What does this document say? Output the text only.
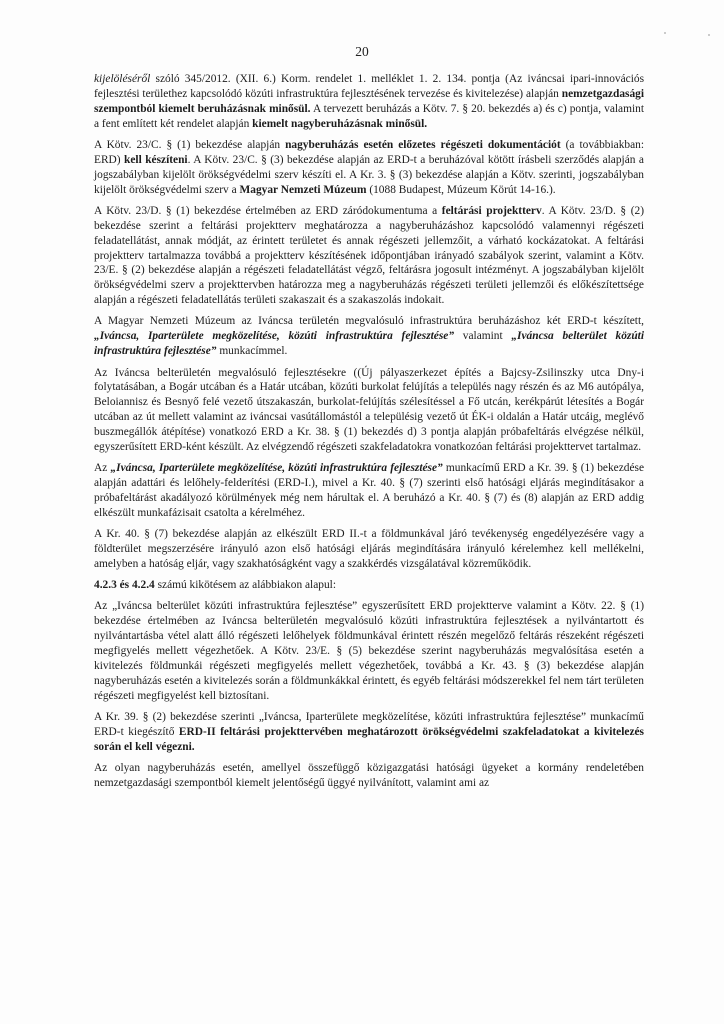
20

kijelöléséről szóló 345/2012. (XII. 6.) Korm. rendelet 1. melléklet 1. 2. 134. pontja (Az iváncsai ipari-innovációs fejlesztési területhez kapcsolódó közúti infrastruktúra fejlesztésének tervezése és kivitelezése) alapján nemzetgazdasági szempontból kiemelt beruházásnak minősül. A tervezett beruházás a Kötv. 7. § 20. bekezdés a) és c) pontja, valamint a fent említett két rendelet alapján kiemelt nagyberuházásnak minősül.

A Kötv. 23/C. § (1) bekezdése alapján nagyberuházás esetén előzetes régészeti dokumentációt (a továbbiakban: ERD) kell készíteni. A Kötv. 23/C. § (3) bekezdése alapján az ERD-t a beruházóval kötött írásbeli szerződés alapján a jogszabályban kijelölt örökségvédelmi szerv készíti el. A Kr. 3. § (3) bekezdése alapján a Kötv. szerinti, jogszabályban kijelölt örökségvédelmi szerv a Magyar Nemzeti Múzeum (1088 Budapest, Múzeum Körút 14-16.).

A Kötv. 23/D. § (1) bekezdése értelmében az ERD záródokumentuma a feltárási projektterv. A Kötv. 23/D. § (2) bekezdése szerint a feltárási projektterv meghatározza a nagyberuházáshoz kapcsolódó valamennyi régészeti feladatellátást, annak módját, az érintett területet és annak régészeti jellemzőit, a várható kockázatokat. A feltárási projektterv tartalmazza továbbá a projektterv készítésének időpontjában irányadó szabályok szerint, valamint a Kötv. 23/E. § (2) bekezdése alapján a régészeti feladatellátást végző, feltárásra jogosult intézményt. A jogszabályban kijelölt örökségvédelmi szerv a projekttervben határozza meg a nagyberuházás régészeti területi jellemzői és előkészítettsége alapján a régészeti feladatellátás területi szakaszait és a szakaszolás indokait.

A Magyar Nemzeti Múzeum az Iváncsa területén megvalósuló infrastruktúra beruházáshoz két ERD-t készített, „Iváncsa, Iparterülete megközelítése, közúti infrastruktúra fejlesztése” valamint „Iváncsa belterület közúti infrastruktúra fejlesztése” munkacímmel.

Az Iváncsa belterületén megvalósuló fejlesztésekre ((Új pályaszerkezet építés a Bajcsy-Zsilinszky utca Dny-i folytatásában, a Bogár utcában és a Határ utcában, közúti burkolat felújítás a település nagy részén és az M6 autópálya, Beloiannisz és Besnyő felé vezető útszakaszán, burkolat-felújítás szélesítéssel a Fő utcán, kerékpárút létesítés a Bogár utcában az út mellett valamint az iváncsai vasútállomástól a településig vezető út ÉK-i oldalán a Határ utcáig, meglévő buszmegállók átépítése) vonatkozó ERD a Kr. 38. § (1) bekezdés d) 3 pontja alapján próbafeltárás elvégzése nélkül, egyszerűsített ERD-ként készült. Az elvégzendő régészeti szakfeladatokra vonatkozóan feltárási projekttervet tartalmaz.

Az „Iváncsa, Iparterülete megközelítése, közúti infrastruktúra fejlesztése” munkacímű ERD a Kr. 39. § (1) bekezdése alapján adattári és lelőhely-felderítési (ERD-I.), mivel a Kr. 40. § (7) szerinti első hatósági eljárás megindításakor a próbafeltárást akadályozó körülmények még nem hárultak el. A beruházó a Kr. 40. § (7) és (8) alapján az ERD addig elkészült munkafázisait csatolta a kérelméhez.

A Kr. 40. § (7) bekezdése alapján az elkészült ERD II.-t a földmunkával járó tevékenység engedélyezésére vagy a földterület megszerzésére irányuló azon első hatósági eljárás megindítására irányuló kérelemhez kell mellékelni, amelyben a hatóság eljár, vagy szakhatóságként vagy a szakkérdés vizsgálatával közreműködik.

4.2.3 és 4.2.4 számú kikötésem az alábbiakon alapul:

Az „Iváncsa belterület közúti infrastruktúra fejlesztése” egyszerűsített ERD projektterve valamint a Kötv. 22. § (1) bekezdése értelmében az Iváncsa belterületén megvalósuló közúti infrastruktúra fejlesztések a nyilvántartott és nyilvántartásba vétel alatt álló régészeti lelőhelyek földmunkával érintett részén megelőző feltárás részeként régészeti megfigyelés mellett végezhetőek. A Kötv. 23/E. § (5) bekezdése szerint nagyberuházás megvalósítása esetén a kivitelezés földmunkái régészeti megfigyelés mellett végezhetőek, továbbá a Kr. 43. § (3) bekezdése alapján nagyberuházás esetén a kivitelezés során a földmunkákkal érintett, és egyéb feltárási módszerekkel fel nem tárt területen régészeti megfigyelést kell biztosítani.

A Kr. 39. § (2) bekezdése szerinti „Iváncsa, Iparterülete megközelítése, közúti infrastruktúra fejlesztése” munkacímű ERD-t kiegészítő ERD-II feltárási projekttervében meghatározott örökségvédelmi szakfeladatokat a kivitelezés során el kell végezni.

Az olyan nagyberuházás esetén, amellyel összefüggő közigazgatási hatósági ügyeket a kormány rendeletében nemzetgazdasági szempontból kiemelt jelentőségű üggyé nyilvánított, valamint ami az
